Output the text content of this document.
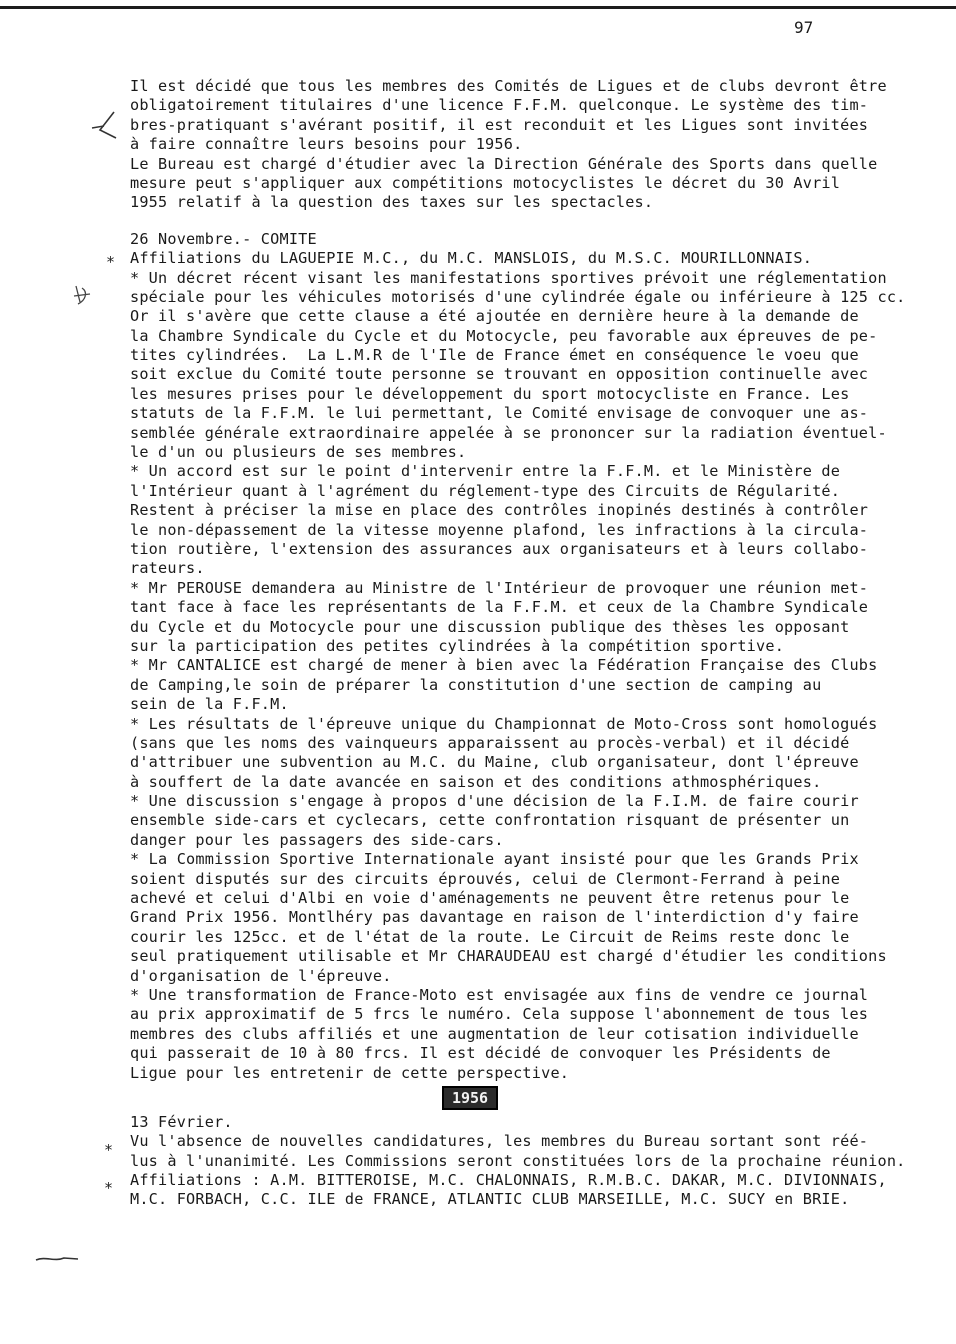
97
*
*
*
Il est décidé que tous les membres des Comités de Ligues et de clubs devront être
obligatoirement titulaires d'une licence F.F.M. quelconque. Le système des tim-
bres-pratiquant s'avérant positif, il est reconduit et les Ligues sont invitées
à faire connaître leurs besoins pour 1956.
Le Bureau est chargé d'étudier avec la Direction Générale des Sports dans quelle
mesure peut s'appliquer aux compétitions motocyclistes le décret du 30 Avril
1955 relatif à la question des taxes sur les spectacles.
26 Novembre.- COMITE
Affiliations du LAGUEPIE M.C., du M.C. MANSLOIS, du M.S.C. MOURILLONNAIS.
* Un décret récent visant les manifestations sportives prévoit une réglementation
spéciale pour les véhicules motorisés d'une cylindrée égale ou inférieure à 125 cc.
Or il s'avère que cette clause a été ajoutée en dernière heure à la demande de
la Chambre Syndicale du Cycle et du Motocycle, peu favorable aux épreuves de pe-
tites cylindrées.  La L.M.R de l'Ile de France émet en conséquence le voeu que
soit exclue du Comité toute personne se trouvant en opposition continuelle avec
les mesures prises pour le développement du sport motocycliste en France. Les
statuts de la F.F.M. le lui permettant, le Comité envisage de convoquer une as-
semblée générale extraordinaire appelée à se prononcer sur la radiation éventuel-
le d'un ou plusieurs de ses membres.
* Un accord est sur le point d'intervenir entre la F.F.M. et le Ministère de
l'Intérieur quant à l'agrément du réglement-type des Circuits de Régularité.
Restent à préciser la mise en place des contrôles inopinés destinés à contrôler
le non-dépassement de la vitesse moyenne plafond, les infractions à la circula-
tion routière, l'extension des assurances aux organisateurs et à leurs collabo-
rateurs.
* Mr PEROUSE demandera au Ministre de l'Intérieur de provoquer une réunion met-
tant face à face les représentants de la F.F.M. et ceux de la Chambre Syndicale
du Cycle et du Motocycle pour une discussion publique des thèses les opposant
sur la participation des petites cylindrées à la compétition sportive.
* Mr CANTALICE est chargé de mener à bien avec la Fédération Française des Clubs
de Camping,le soin de préparer la constitution d'une section de camping au
sein de la F.F.M.
* Les résultats de l'épreuve unique du Championnat de Moto-Cross sont homologués
(sans que les noms des vainqueurs apparaissent au procès-verbal) et il décidé
d'attribuer une subvention au M.C. du Maine, club organisateur, dont l'épreuve
à souffert de la date avancée en saison et des conditions athmosphériques.
* Une discussion s'engage à propos d'une décision de la F.I.M. de faire courir
ensemble side-cars et cyclecars, cette confrontation risquant de présenter un
danger pour les passagers des side-cars.
* La Commission Sportive Internationale ayant insisté pour que les Grands Prix
soient disputés sur des circuits éprouvés, celui de Clermont-Ferrand à peine
achevé et celui d'Albi en voie d'aménagements ne peuvent être retenus pour le
Grand Prix 1956. Montlhéry pas davantage en raison de l'interdiction d'y faire
courir les 125cc. et de l'état de la route. Le Circuit de Reims reste donc le
seul pratiquement utilisable et Mr CHARAUDEAU est chargé d'étudier les conditions
d'organisation de l'épreuve.
* Une transformation de France-Moto est envisagée aux fins de vendre ce journal
au prix approximatif de 5 frcs le numéro. Cela suppose l'abonnement de tous les
membres des clubs affiliés et une augmentation de leur cotisation individuelle
qui passerait de 10 à 80 frcs. Il est décidé de convoquer les Présidents de
Ligue pour les entretenir de cette perspective.
1956
13 Février.
Vu l'absence de nouvelles candidatures, les membres du Bureau sortant sont réé-
lus à l'unanimité. Les Commissions seront constituées lors de la prochaine réunion.
Affiliations : A.M. BITTEROISE, M.C. CHALONNAIS, R.M.B.C. DAKAR, M.C. DIVIONNAIS,
M.C. FORBACH, C.C. ILE de FRANCE, ATLANTIC CLUB MARSEILLE, M.C. SUCY en BRIE.
